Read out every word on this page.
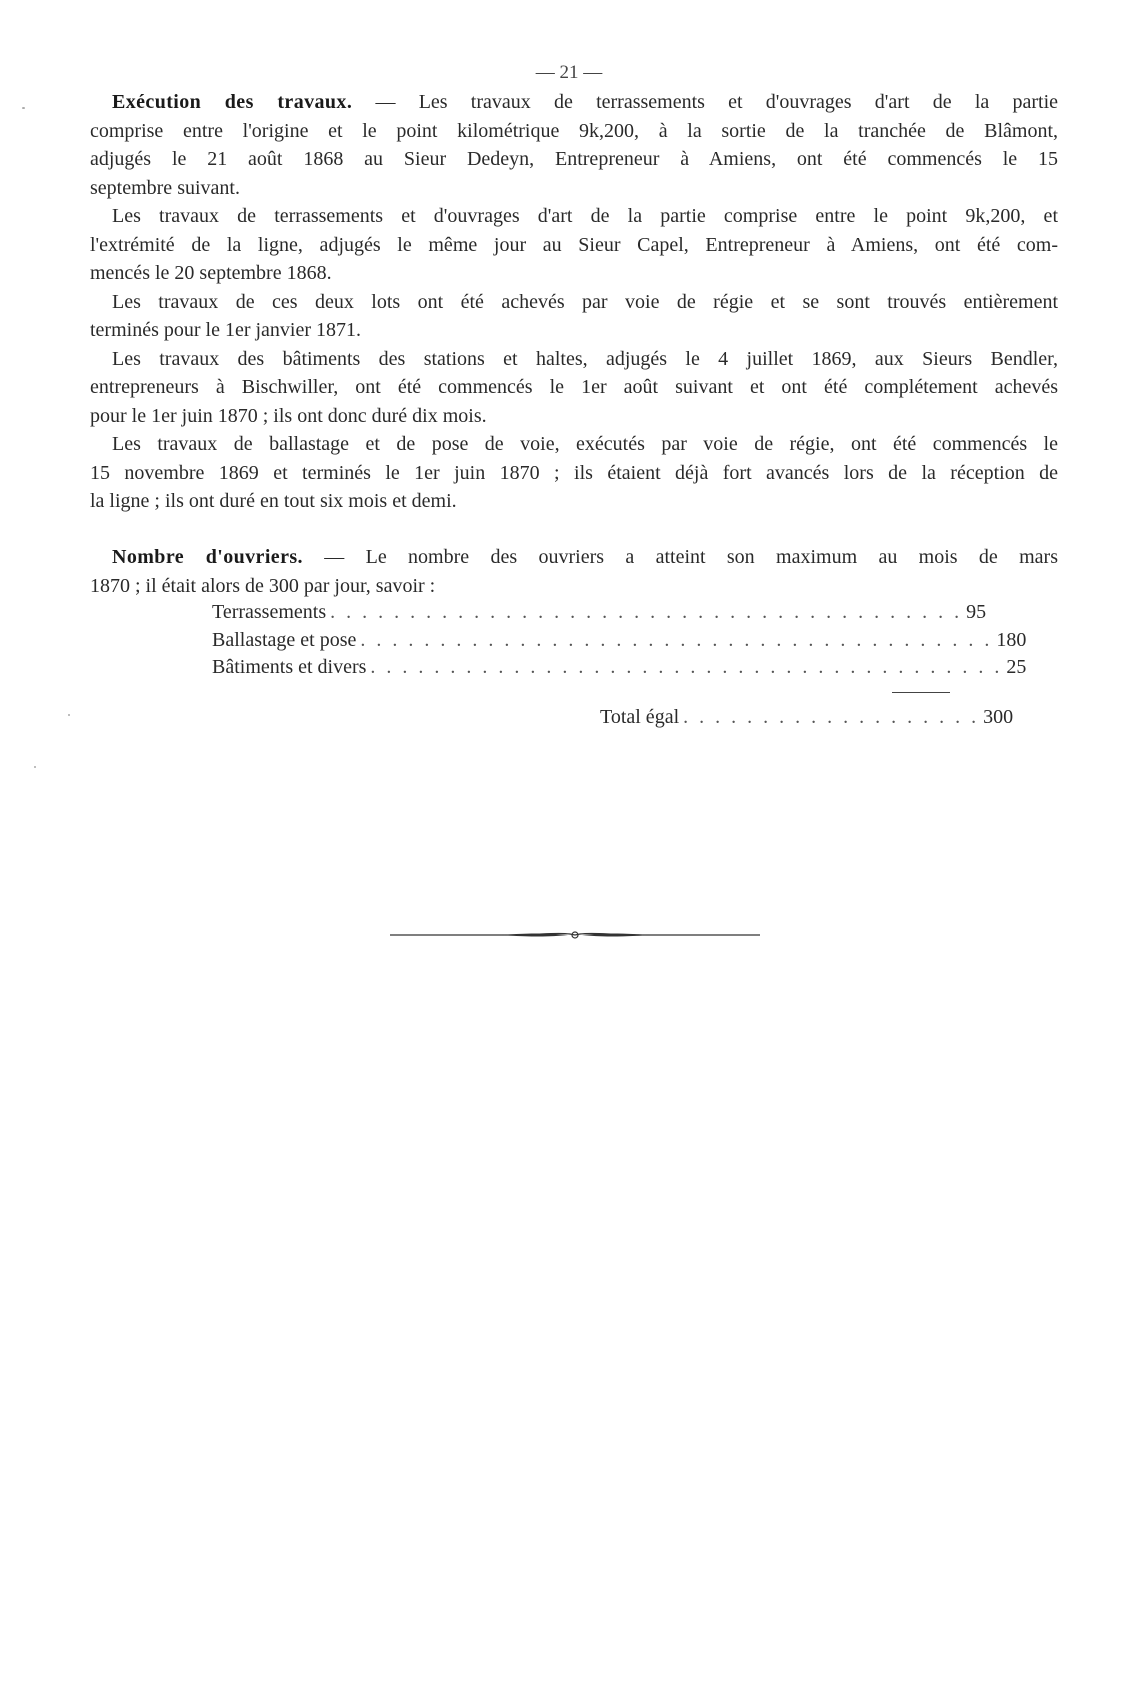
— 21 —
Exécution des travaux. — Les travaux de terrassements et d'ouvrages d'art de la partie
comprise entre l'origine et le point kilométrique 9k,200, à la sortie de la tranchée de Blâmont,
adjugés le 21 août 1868 au Sieur Dedeyn, Entrepreneur à Amiens, ont été commencés le 15
septembre suivant.
Les travaux de terrassements et d'ouvrages d'art de la partie comprise entre le point 9k,200, et
l'extrémité de la ligne, adjugés le même jour au Sieur Capel, Entrepreneur à Amiens, ont été com-
mencés le 20 septembre 1868.
Les travaux de ces deux lots ont été achevés par voie de régie et se sont trouvés entièrement
terminés pour le 1er janvier 1871.
Les travaux des bâtiments des stations et haltes, adjugés le 4 juillet 1869, aux Sieurs Bendler,
entrepreneurs à Bischwiller, ont été commencés le 1er août suivant et ont été complétement achevés
pour le 1er juin 1870 ; ils ont donc duré dix mois.
Les travaux de ballastage et de pose de voie, exécutés par voie de régie, ont été commencés le
15 novembre 1869 et terminés le 1er juin 1870 ; ils étaient déjà fort avancés lors de la réception de
la ligne ; ils ont duré en tout six mois et demi.
Nombre d'ouvriers. — Le nombre des ouvriers a atteint son maximum au mois de mars
1870 ; il était alors de 300 par jour, savoir :
Terrassements . . . . . . . . . . . . . . . . . . . . . . . . . . . . . . . . . . . . . . . . 95
Ballastage et pose . . . . . . . . . . . . . . . . . . . . . . . . . . . . . . . . . . . . . . . . 180
Bâtiments et divers . . . . . . . . . . . . . . . . . . . . . . . . . . . . . . . . . . . . . . . . 25
Total égal . . . . . . . . . . . . . . . . . . . 300
